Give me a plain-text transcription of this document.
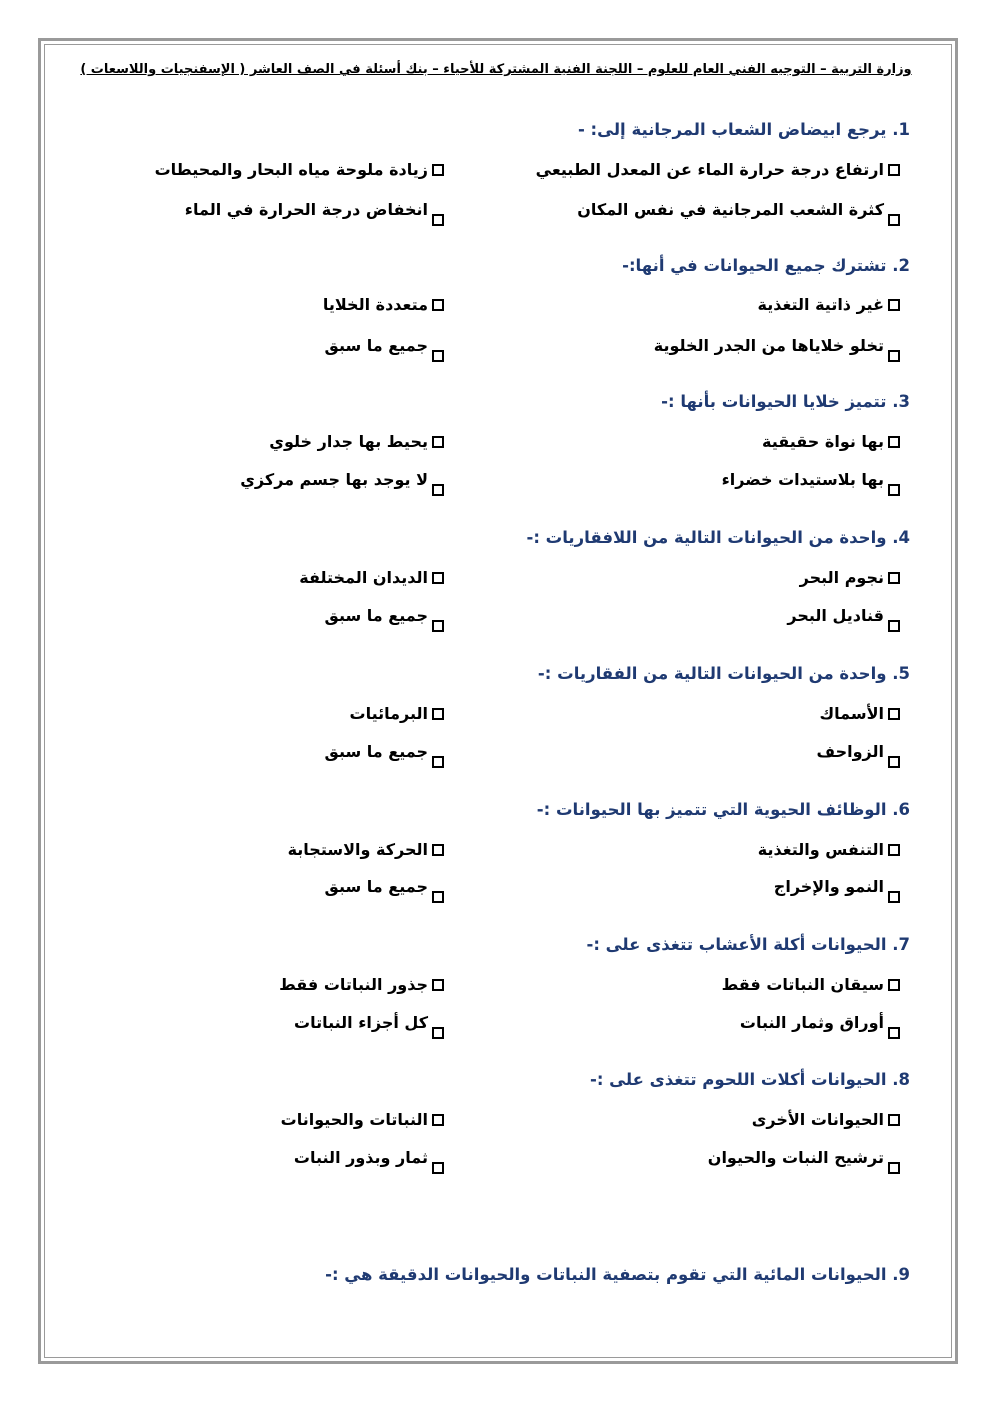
وزارة التربية – التوجيه الفني العام للعلوم – اللجنة الفنية المشتركة للأحياء – بنك أسئلة في الصف العاشر ( الإسفنجيات واللاسعات )
1. يرجع ابيضاض الشعاب المرجانية إلى: -
ارتفاع درجة حرارة الماء عن المعدل الطبيعي
زيادة ملوحة مياه البحار والمحيطات
كثرة الشعب المرجانية في نفس المكان
انخفاض درجة الحرارة في الماء
2. تشترك جميع الحيوانات في أنها:-
غير ذاتية التغذية
متعددة الخلايا
تخلو خلاياها من الجدر الخلوية
جميع ما سبق
3. تتميز خلايا الحيوانات بأنها :-
بها نواة حقيقية
يحيط بها جدار خلوي
بها بلاستيدات خضراء
لا يوجد بها جسم مركزي
4. واحدة من الحيوانات التالية من اللافقاريات :-
نجوم البحر
الديدان المختلفة
قناديل البحر
جميع ما سبق
5. واحدة من الحيوانات التالية من الفقاريات :-
الأسماك
البرمائيات
الزواحف
جميع ما سبق
6. الوظائف الحيوية التي تتميز بها الحيوانات :-
التنفس والتغذية
الحركة والاستجابة
النمو والإخراج
جميع ما سبق
7. الحيوانات أكلة الأعشاب تتغذى على :-
سيقان النباتات فقط
جذور النباتات فقط
أوراق وثمار النبات
كل أجزاء النباتات
8. الحيوانات أكلات اللحوم تتغذى على :-
الحيوانات الأخرى
النباتات والحيوانات
ترشيح النبات والحيوان
ثمار وبذور النبات
9. الحيوانات المائية التي تقوم بتصفية النباتات والحيوانات الدقيقة هي :-
